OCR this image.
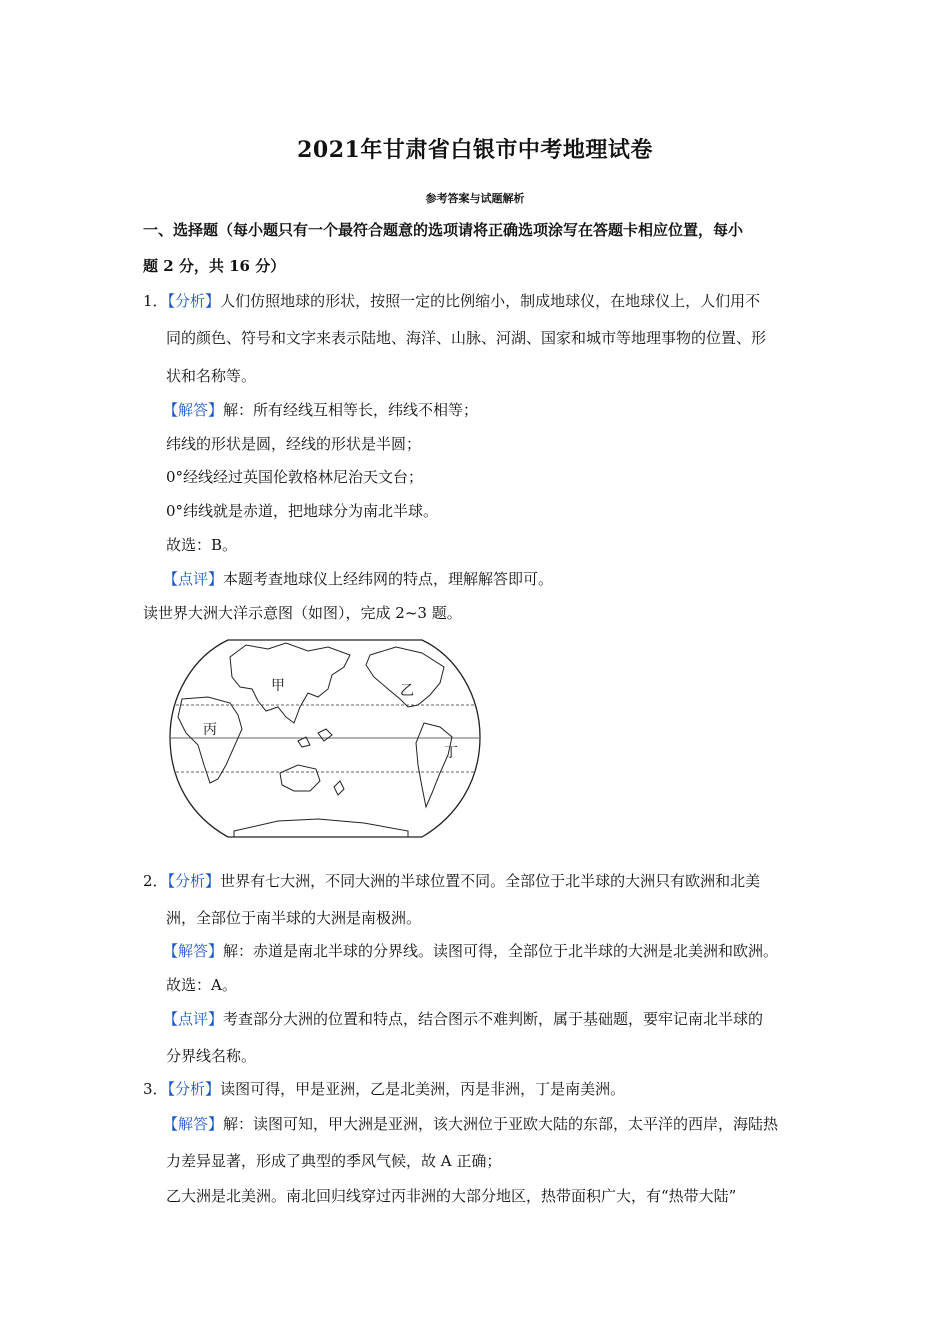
2021年甘肃省白银市中考地理试卷
参考答案与试题解析
一、选择题（每小题只有一个最符合题意的选项请将正确选项涂写在答题卡相应位置，每小
题 2 分，共 16 分）
1．【分析】人们仿照地球的形状，按照一定的比例缩小，制成地球仪，在地球仪上，人们用不
同的颜色、符号和文字来表示陆地、海洋、山脉、河湖、国家和城市等地理事物的位置、形
状和名称等。
【解答】解：所有经线互相等长，纬线不相等；
纬线的形状是圆，经线的形状是半圆；
0°经线经过英国伦敦格林尼治天文台；
0°纬线就是赤道，把地球分为南北半球。
故选：B。
【点评】本题考查地球仪上经纬网的特点，理解解答即可。
读世界大洲大洋示意图（如图），完成 2~3 题。
甲	乙
丙
丁
2．【分析】世界有七大洲，不同大洲的半球位置不同。全部位于北半球的大洲只有欧洲和北美
洲，全部位于南半球的大洲是南极洲。
【解答】解：赤道是南北半球的分界线。读图可得，全部位于北半球的大洲是北美洲和欧洲。
故选：A。
【点评】考查部分大洲的位置和特点，结合图示不难判断，属于基础题，要牢记南北半球的
分界线名称。
3．【分析】读图可得，甲是亚洲，乙是北美洲，丙是非洲，丁是南美洲。
【解答】解：读图可知，甲大洲是亚洲，该大洲位于亚欧大陆的东部，太平洋的西岸，海陆热
力差异显著，形成了典型的季风气候，故 A 正确；
乙大洲是北美洲。南北回归线穿过丙非洲的大部分地区，热带面积广大，有“热带大陆”
